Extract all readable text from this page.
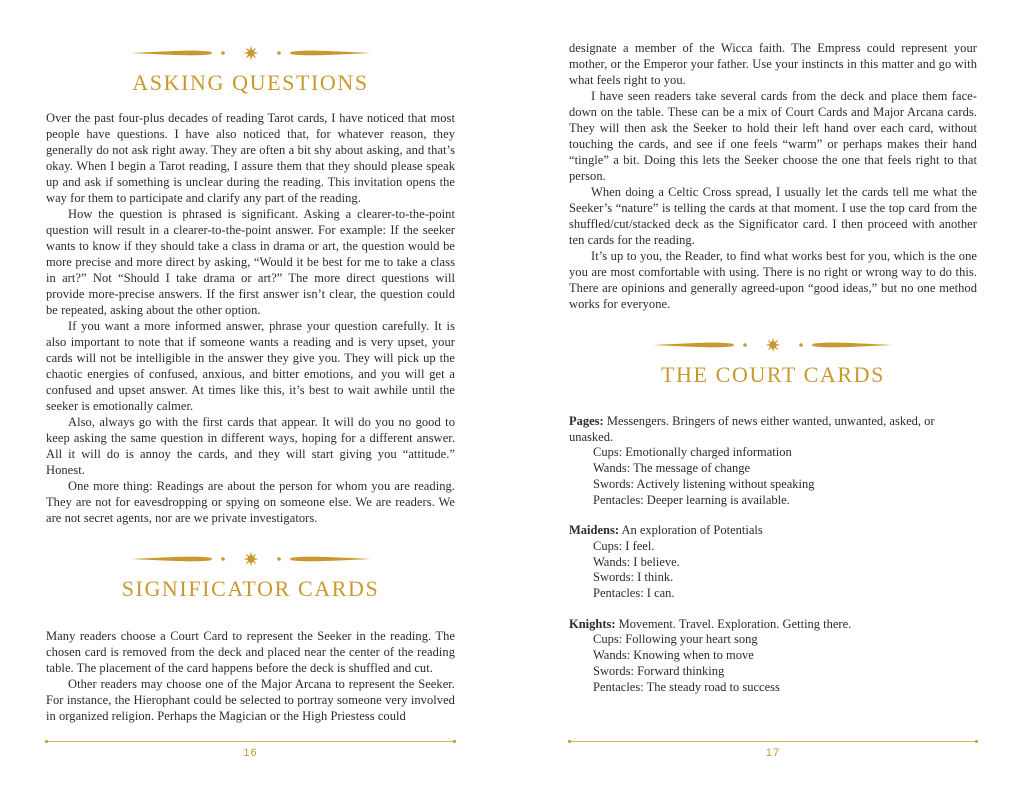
ASKING QUESTIONS

Over the past four-plus decades of reading Tarot cards, I have noticed that most people have questions. I have also noticed that, for whatever reason, they generally do not ask right away. They are often a bit shy about asking, and that’s okay. When I begin a Tarot reading, I assure them that they should please speak up and ask if something is unclear during the reading. This invitation opens the way for them to participate and clarify any part of the reading.

How the question is phrased is significant. Asking a clearer-to-the-point question will result in a clearer-to-the-point answer. For example: If the seeker wants to know if they should take a class in drama or art, the question would be more precise and more direct by asking, “Would it be best for me to take a class in art?” Not “Should I take drama or art?” The more direct questions will provide more-precise answers. If the first answer isn’t clear, the question could be repeated, asking about the other option.

If you want a more informed answer, phrase your question carefully. It is also important to note that if someone wants a reading and is very upset, your cards will not be intelligible in the answer they give you. They will pick up the chaotic energies of confused, anxious, and bitter emotions, and you will get a confused and upset answer. At times like this, it’s best to wait awhile until the seeker is emotionally calmer.

Also, always go with the first cards that appear. It will do you no good to keep asking the same question in different ways, hoping for a different answer. All it will do is annoy the cards, and they will start giving you “attitude.” Honest.

One more thing: Readings are about the person for whom you are reading. They are not for eavesdropping or spying on someone else. We are readers. We are not secret agents, nor are we private investigators.

SIGNIFICATOR CARDS

Many readers choose a Court Card to represent the Seeker in the reading. The chosen card is removed from the deck and placed near the center of the reading table. The placement of the card happens before the deck is shuffled and cut.

Other readers may choose one of the Major Arcana to represent the Seeker. For instance, the Hierophant could be selected to portray someone very involved in organized religion. Perhaps the Magician or the High Priestess could

16

designate a member of the Wicca faith. The Empress could represent your mother, or the Emperor your father. Use your instincts in this matter and go with what feels right to you.

I have seen readers take several cards from the deck and place them face-down on the table. These can be a mix of Court Cards and Major Arcana cards. They will then ask the Seeker to hold their left hand over each card, without touching the cards, and see if one feels “warm” or perhaps makes their hand “tingle” a bit. Doing this lets the Seeker choose the one that feels right to that person.

When doing a Celtic Cross spread, I usually let the cards tell me what the Seeker’s “nature” is telling the cards at that moment. I use the top card from the shuffled/cut/stacked deck as the Significator card. I then proceed with another ten cards for the reading.

It’s up to you, the Reader, to find what works best for you, which is the one you are most comfortable with using. There is no right or wrong way to do this. There are opinions and generally agreed-upon “good ideas,” but no one method works for everyone.

THE COURT CARDS

Pages: Messengers. Bringers of news either wanted, unwanted, asked, or unasked.

Cups: Emotionally charged information

Wands: The message of change

Swords: Actively listening without speaking

Pentacles: Deeper learning is available.

Maidens: An exploration of Potentials

Cups: I feel.

Wands: I believe.

Swords: I think.

Pentacles: I can.

Knights: Movement. Travel. Exploration. Getting there.

Cups: Following your heart song

Wands: Knowing when to move

Swords: Forward thinking

Pentacles: The steady road to success

17
